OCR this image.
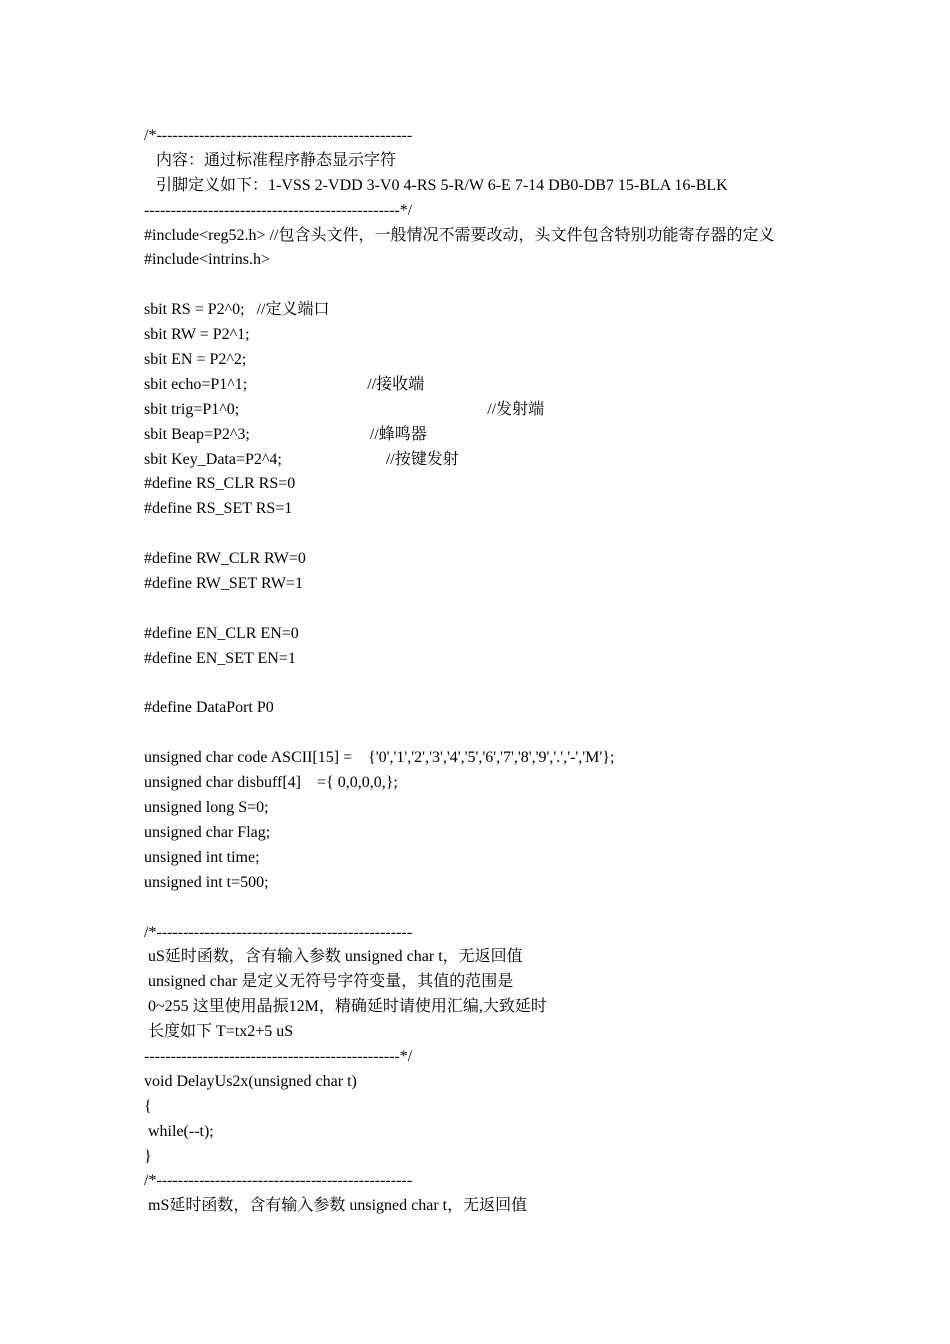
/*------------------------------------------------
内容：通过标准程序静态显示字符
引脚定义如下：1-VSS 2-VDD 3-V0 4-RS 5-R/W 6-E 7-14 DB0-DB7 15-BLA 16-BLK
------------------------------------------------*/
#include<reg52.h> //包含头文件，一般情况不需要改动，头文件包含特别功能寄存器的定义
#include<intrins.h>
sbit RS = P2^0;   //定义端口
sbit RW = P2^1;
sbit EN = P2^2;
sbit echo=P1^1;                              //接收端
sbit trig=P1^0;                                                              //发射端
sbit Beap=P2^3;                              //蜂鸣器
sbit Key_Data=P2^4;                          //按键发射
#define RS_CLR RS=0
#define RS_SET RS=1
#define RW_CLR RW=0
#define RW_SET RW=1
#define EN_CLR EN=0
#define EN_SET EN=1
#define DataPort P0
unsigned char code ASCII[15] =    {'0','1','2','3','4','5','6','7','8','9','.','-','M'};
unsigned char disbuff[4]    ={ 0,0,0,0,};
unsigned long S=0;
unsigned char Flag;
unsigned int time;
unsigned int t=500;
/*------------------------------------------------
uS延时函数，含有输入参数 unsigned char t，无返回值
unsigned char 是定义无符号字符变量，其值的范围是
0~255 这里使用晶振12M，精确延时请使用汇编,大致延时
长度如下 T=tx2+5 uS
------------------------------------------------*/
void DelayUs2x(unsigned char t)
{
while(--t);
}
/*------------------------------------------------
mS延时函数，含有输入参数 unsigned char t，无返回值
